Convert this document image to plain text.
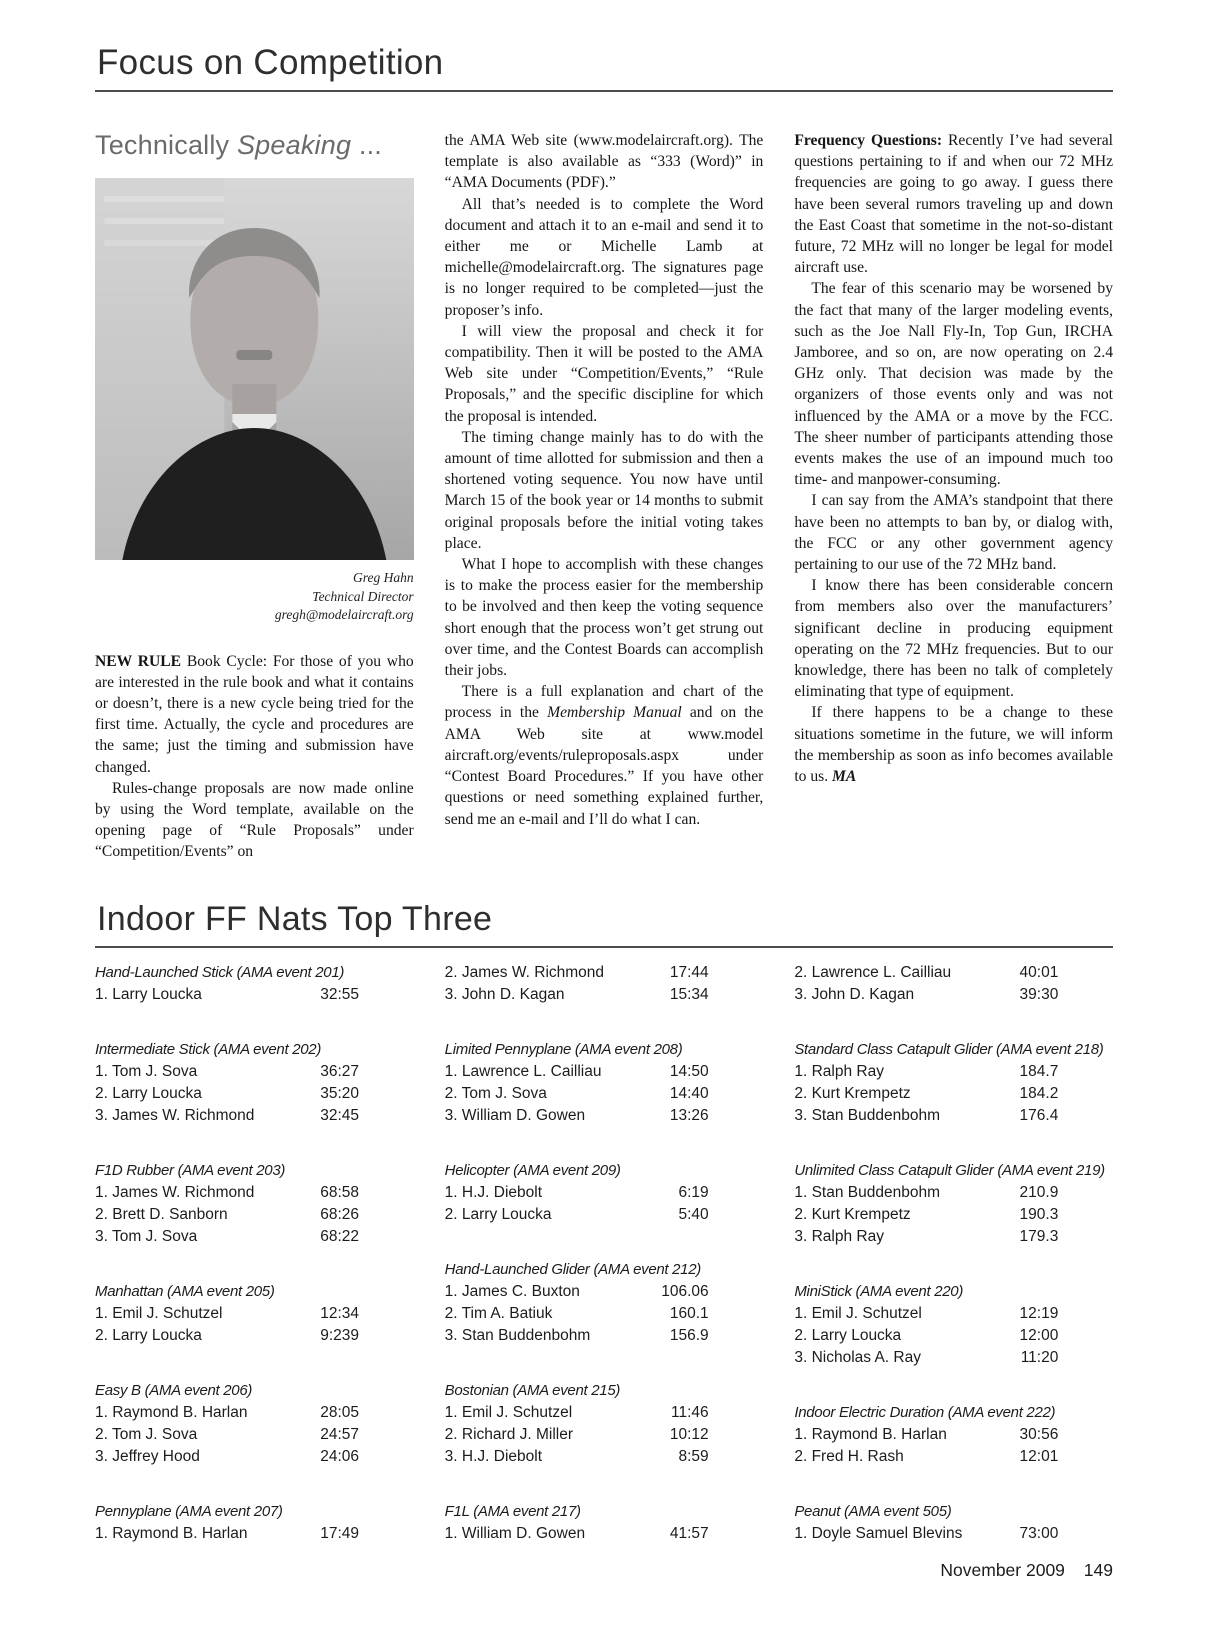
Focus on Competition
Technically Speaking ...
Greg Hahn
Technical Director
gregh@modelaircraft.org

NEW RULE Book Cycle: For those of you who are interested in the rule book and what it contains or doesn’t, there is a new cycle being tried for the first time. Actually, the cycle and procedures are the same; just the timing and submission have changed.

Rules-change proposals are now made online by using the Word template, available on the opening page of “Rule Proposals” under “Competition/Events” on

the AMA Web site (www.modelaircraft.org). The template is also available as “333 (Word)” in “AMA Documents (PDF).”

All that’s needed is to complete the Word document and attach it to an e-mail and send it to either me or Michelle Lamb at michelle@modelaircraft.org. The signatures page is no longer required to be completed—just the proposer’s info.

I will view the proposal and check it for compatibility. Then it will be posted to the AMA Web site under “Competition/Events,” “Rule Proposals,” and the specific discipline for which the proposal is intended.

The timing change mainly has to do with the amount of time allotted for submission and then a shortened voting sequence. You now have until March 15 of the book year or 14 months to submit original proposals before the initial voting takes place.

What I hope to accomplish with these changes is to make the process easier for the membership to be involved and then keep the voting sequence short enough that the process won’t get strung out over time, and the Contest Boards can accomplish their jobs.

There is a full explanation and chart of the process in the Membership Manual and on the AMA Web site at www.model aircraft.org/events/ruleproposals.aspx under “Contest Board Procedures.” If you have other questions or need something explained further, send me an e-mail and I’ll do what I can.

Frequency Questions: Recently I’ve had several questions pertaining to if and when our 72 MHz frequencies are going to go away. I guess there have been several rumors traveling up and down the East Coast that sometime in the not-so-distant future, 72 MHz will no longer be legal for model aircraft use.

The fear of this scenario may be worsened by the fact that many of the larger modeling events, such as the Joe Nall Fly-In, Top Gun, IRCHA Jamboree, and so on, are now operating on 2.4 GHz only. That decision was made by the organizers of those events only and was not influenced by the AMA or a move by the FCC. The sheer number of participants attending those events makes the use of an impound much too time- and manpower-consuming.

I can say from the AMA’s standpoint that there have been no attempts to ban by, or dialog with, the FCC or any other government agency pertaining to our use of the 72 MHz band.

I know there has been considerable concern from members also over the manufacturers’ significant decline in producing equipment operating on the 72 MHz frequencies. But to our knowledge, there has been no talk of completely eliminating that type of equipment.

If there happens to be a change to these situations sometime in the future, we will inform the membership as soon as info becomes available to us. MA

Indoor FF Nats Top Three
Hand-Launched Stick (AMA event 201)
1. Larry Loucka	32:55
Intermediate Stick (AMA event 202)
1. Tom J. Sova	36:27
2. Larry Loucka	35:20
3. James W. Richmond	32:45
F1D Rubber (AMA event 203)
1. James W. Richmond	68:58
2. Brett D. Sanborn	68:26
3. Tom J. Sova	68:22
Manhattan (AMA event 205)
1. Emil J. Schutzel	12:34
2. Larry Loucka	9:239
Easy B (AMA event 206)
1. Raymond B. Harlan	28:05
2. Tom J. Sova	24:57
3. Jeffrey Hood	24:06
Pennyplane (AMA event 207)
1. Raymond B. Harlan	17:49
2. James W. Richmond	17:44
3. John D. Kagan	15:34
Limited Pennyplane (AMA event 208)
1. Lawrence L. Cailliau	14:50
2. Tom J. Sova	14:40
3. William D. Gowen	13:26
Helicopter (AMA event 209)
1. H.J. Diebolt	6:19
2. Larry Loucka	5:40
Hand-Launched Glider (AMA event 212)
1. James C. Buxton	106.06
2. Tim A. Batiuk	160.1
3. Stan Buddenbohm	156.9
Bostonian (AMA event 215)
1. Emil J. Schutzel	11:46
2. Richard J. Miller	10:12
3. H.J. Diebolt	8:59
F1L (AMA event 217)
1. William D. Gowen	41:57
2. Lawrence L. Cailliau	40:01
3. John D. Kagan	39:30
Standard Class Catapult Glider (AMA event 218)
1. Ralph Ray	184.7
2. Kurt Krempetz	184.2
3. Stan Buddenbohm	176.4
Unlimited Class Catapult Glider (AMA event 219)
1. Stan Buddenbohm	210.9
2. Kurt Krempetz	190.3
3. Ralph Ray	179.3
MiniStick (AMA event 220)
1. Emil J. Schutzel	12:19
2. Larry Loucka	12:00
3. Nicholas A. Ray	11:20
Indoor Electric Duration (AMA event 222)
1. Raymond B. Harlan	30:56
2. Fred H. Rash	12:01
Peanut (AMA event 505)
1. Doyle Samuel Blevins	73:00
November 2009 149
